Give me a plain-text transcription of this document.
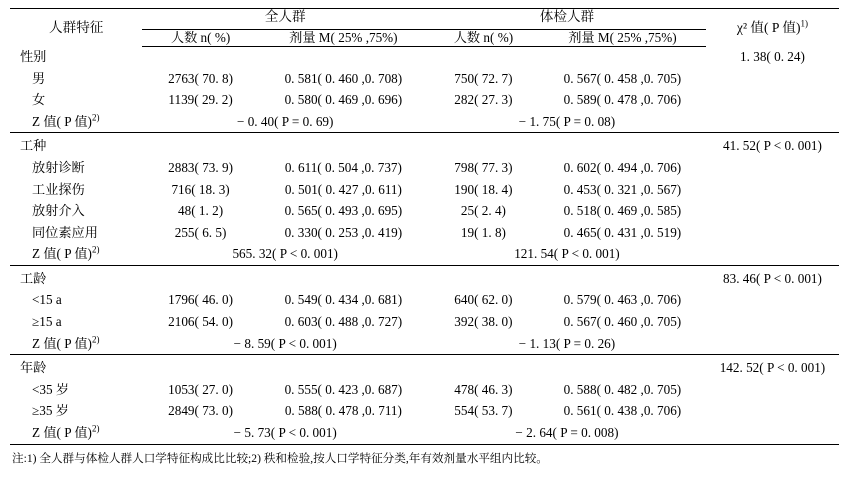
人群特征	全人群		体检人群		χ² 值( P 值)$^{1)}$
	人数 n( %)	剂量 M( 25% ,75%)	人数 n( %)	剂量 M( 25% ,75%)	
性别					1. 38( 0. 24)
男	2763( 70. 8)	0. 581( 0. 460 ,0. 708)	750( 72. 7)	0. 567( 0. 458 ,0. 705)	
女	1139( 29. 2)	0. 580( 0. 469 ,0. 696)	282( 27. 3)	0. 589( 0. 478 ,0. 706)	
Z 值( P 值)$^{2)}$	− 0. 40( P = 0. 69)		− 1. 75( P = 0. 08)		
工种					41. 52( P < 0. 001)
放射诊断	2883( 73. 9)	0. 611( 0. 504 ,0. 737)	798( 77. 3)	0. 602( 0. 494 ,0. 706)	
工业探伤	716( 18. 3)	0. 501( 0. 427 ,0. 611)	190( 18. 4)	0. 453( 0. 321 ,0. 567)	
放射介入	48( 1. 2)	0. 565( 0. 493 ,0. 695)	25( 2. 4)	0. 518( 0. 469 ,0. 585)	
同位素应用	255( 6. 5)	0. 330( 0. 253 ,0. 419)	19( 1. 8)	0. 465( 0. 431 ,0. 519)	
Z 值( P 值)$^{2)}$	565. 32( P < 0. 001)		121. 54( P < 0. 001)		
工龄					83. 46( P < 0. 001)
<15 a	1796( 46. 0)	0. 549( 0. 434 ,0. 681)	640( 62. 0)	0. 579( 0. 463 ,0. 706)	
≥15 a	2106( 54. 0)	0. 603( 0. 488 ,0. 727)	392( 38. 0)	0. 567( 0. 460 ,0. 705)	
Z 值( P 值)$^{2)}$	− 8. 59( P < 0. 001)		− 1. 13( P = 0. 26)		
年龄					142. 52( P < 0. 001)
<35 岁	1053( 27. 0)	0. 555( 0. 423 ,0. 687)	478( 46. 3)	0. 588( 0. 482 ,0. 705)	
≥35 岁	2849( 73. 0)	0. 588( 0. 478 ,0. 711)	554( 53. 7)	0. 561( 0. 438 ,0. 706)	
Z 值( P 值)$^{2)}$	− 5. 73( P < 0. 001)		− 2. 64( P = 0. 008)		
注:1) 全人群与体检人群人口学特征构成比比较;2) 秩和检验,按人口学特征分类,年有效剂量水平组内比较。
